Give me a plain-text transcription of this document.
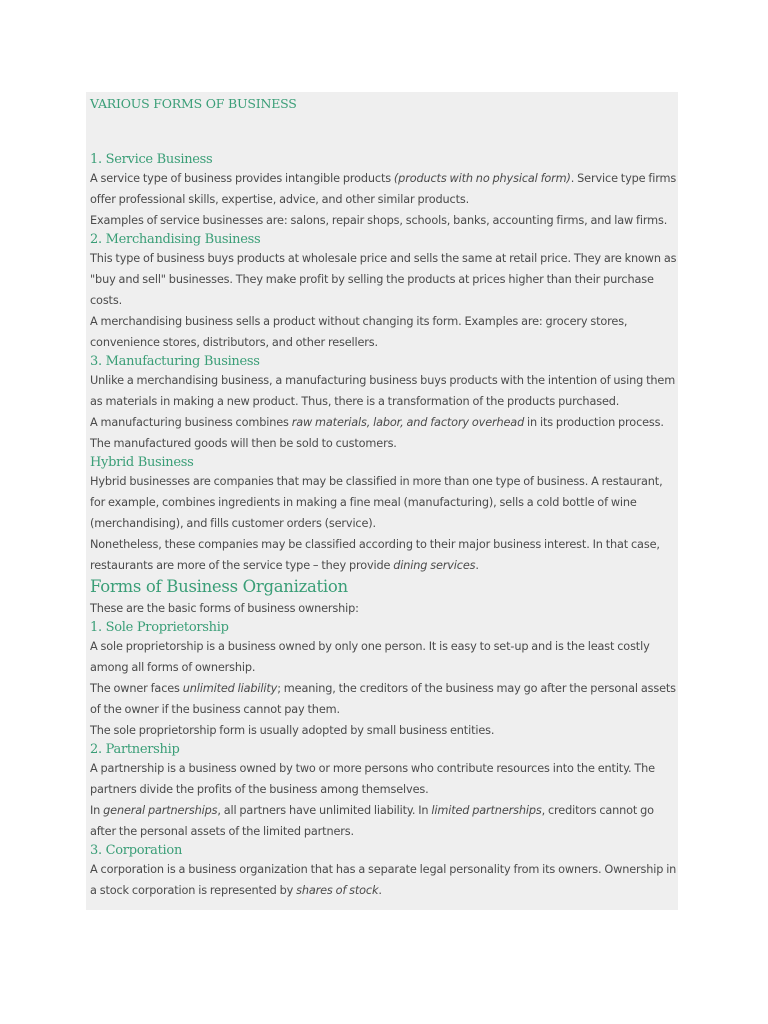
VARIOUS FORMS OF BUSINESS
1. Service Business

A service type of business provides intangible products (products with no physical form). Service type firms offer professional skills, expertise, advice, and other similar products.

Examples of service businesses are: salons, repair shops, schools, banks, accounting firms, and law firms.

2. Merchandising Business

This type of business buys products at wholesale price and sells the same at retail price. They are known as "buy and sell" businesses. They make profit by selling the products at prices higher than their purchase costs.

A merchandising business sells a product without changing its form. Examples are: grocery stores, convenience stores, distributors, and other resellers.

3. Manufacturing Business

Unlike a merchandising business, a manufacturing business buys products with the intention of using them as materials in making a new product. Thus, there is a transformation of the products purchased.

A manufacturing business combines raw materials, labor, and factory overhead in its production process. The manufactured goods will then be sold to customers.

Hybrid Business

Hybrid businesses are companies that may be classified in more than one type of business. A restaurant, for example, combines ingredients in making a fine meal (manufacturing), sells a cold bottle of wine (merchandising), and fills customer orders (service).

Nonetheless, these companies may be classified according to their major business interest. In that case, restaurants are more of the service type – they provide dining services.

Forms of Business Organization

These are the basic forms of business ownership:

1. Sole Proprietorship

A sole proprietorship is a business owned by only one person. It is easy to set-up and is the least costly among all forms of ownership.

The owner faces unlimited liability; meaning, the creditors of the business may go after the personal assets of the owner if the business cannot pay them.

The sole proprietorship form is usually adopted by small business entities.

2. Partnership

A partnership is a business owned by two or more persons who contribute resources into the entity. The partners divide the profits of the business among themselves.

In general partnerships, all partners have unlimited liability. In limited partnerships, creditors cannot go after the personal assets of the limited partners.

3. Corporation

A corporation is a business organization that has a separate legal personality from its owners. Ownership in a stock corporation is represented by shares of stock.
